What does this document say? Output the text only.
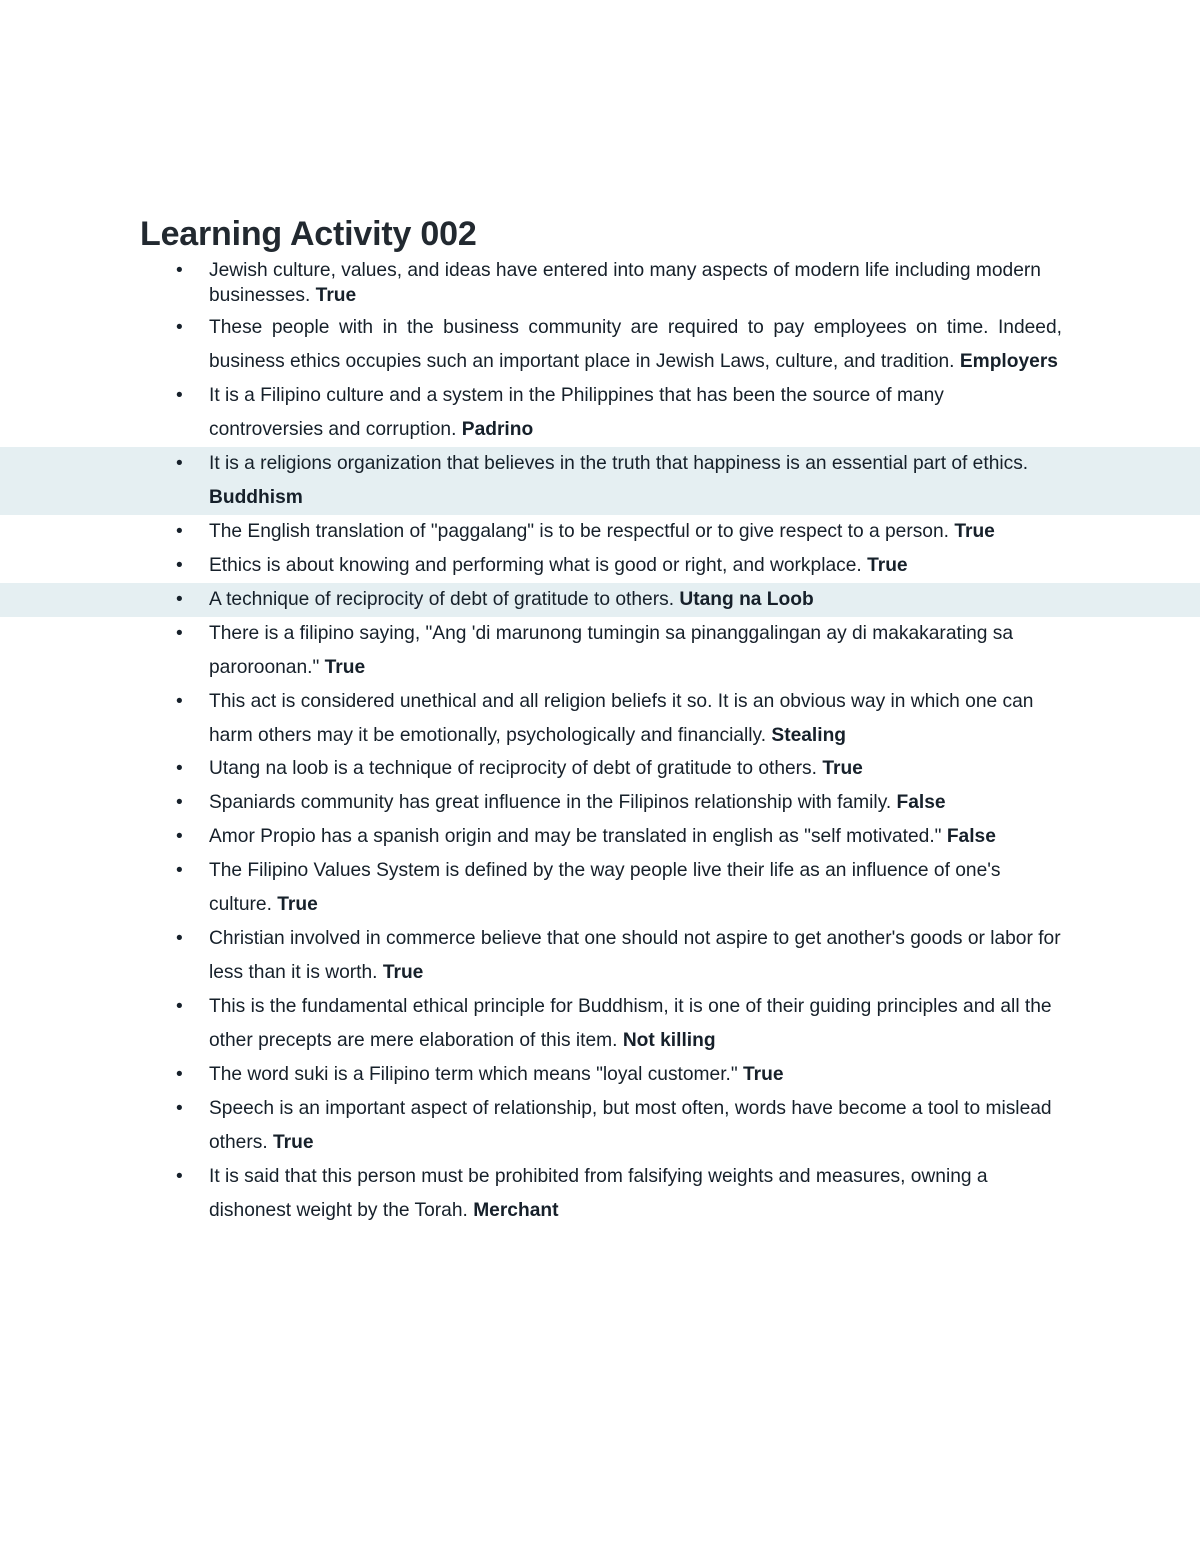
Learning Activity 002
•
Jewish culture, values, and ideas have entered into many aspects of modern life including modern businesses. True
•
These people with in the business community are required to pay employees on time. Indeed, business ethics occupies such an important place in Jewish Laws, culture, and tradition. Employers
•
It is a Filipino culture and a system in the Philippines that has been the source of many controversies and corruption. Padrino
•
It is a religions organization that believes in the truth that happiness is an essential part of ethics. Buddhism
•
The English translation of "paggalang" is to be respectful or to give respect to a person. True
•
Ethics is about knowing and performing what is good or right, and workplace. True
•
A technique of reciprocity of debt of gratitude to others. Utang na Loob
•
There is a filipino saying, "Ang 'di marunong tumingin sa pinanggalingan ay di makakarating sa paroroonan." True
•
This act is considered unethical and all religion beliefs it so. It is an obvious way in which one can harm others may it be emotionally, psychologically and financially. Stealing
•
Utang na loob is a technique of reciprocity of debt of gratitude to others. True
•
Spaniards community has great influence in the Filipinos relationship with family. False
•
Amor Propio has a spanish origin and may be translated in english as "self motivated." False
•
The Filipino Values System is defined by the way people live their life as an influence of one's culture. True
•
Christian involved in commerce believe that one should not aspire to get another's goods or labor for less than it is worth. True
•
This is the fundamental ethical principle for Buddhism, it is one of their guiding principles and all the other precepts are mere elaboration of this item. Not killing
•
The word suki is a Filipino term which means "loyal customer." True
•
Speech is an important aspect of relationship, but most often, words have become a tool to mislead others. True
•
It is said that this person must be prohibited from falsifying weights and measures, owning a dishonest weight by the Torah. Merchant
